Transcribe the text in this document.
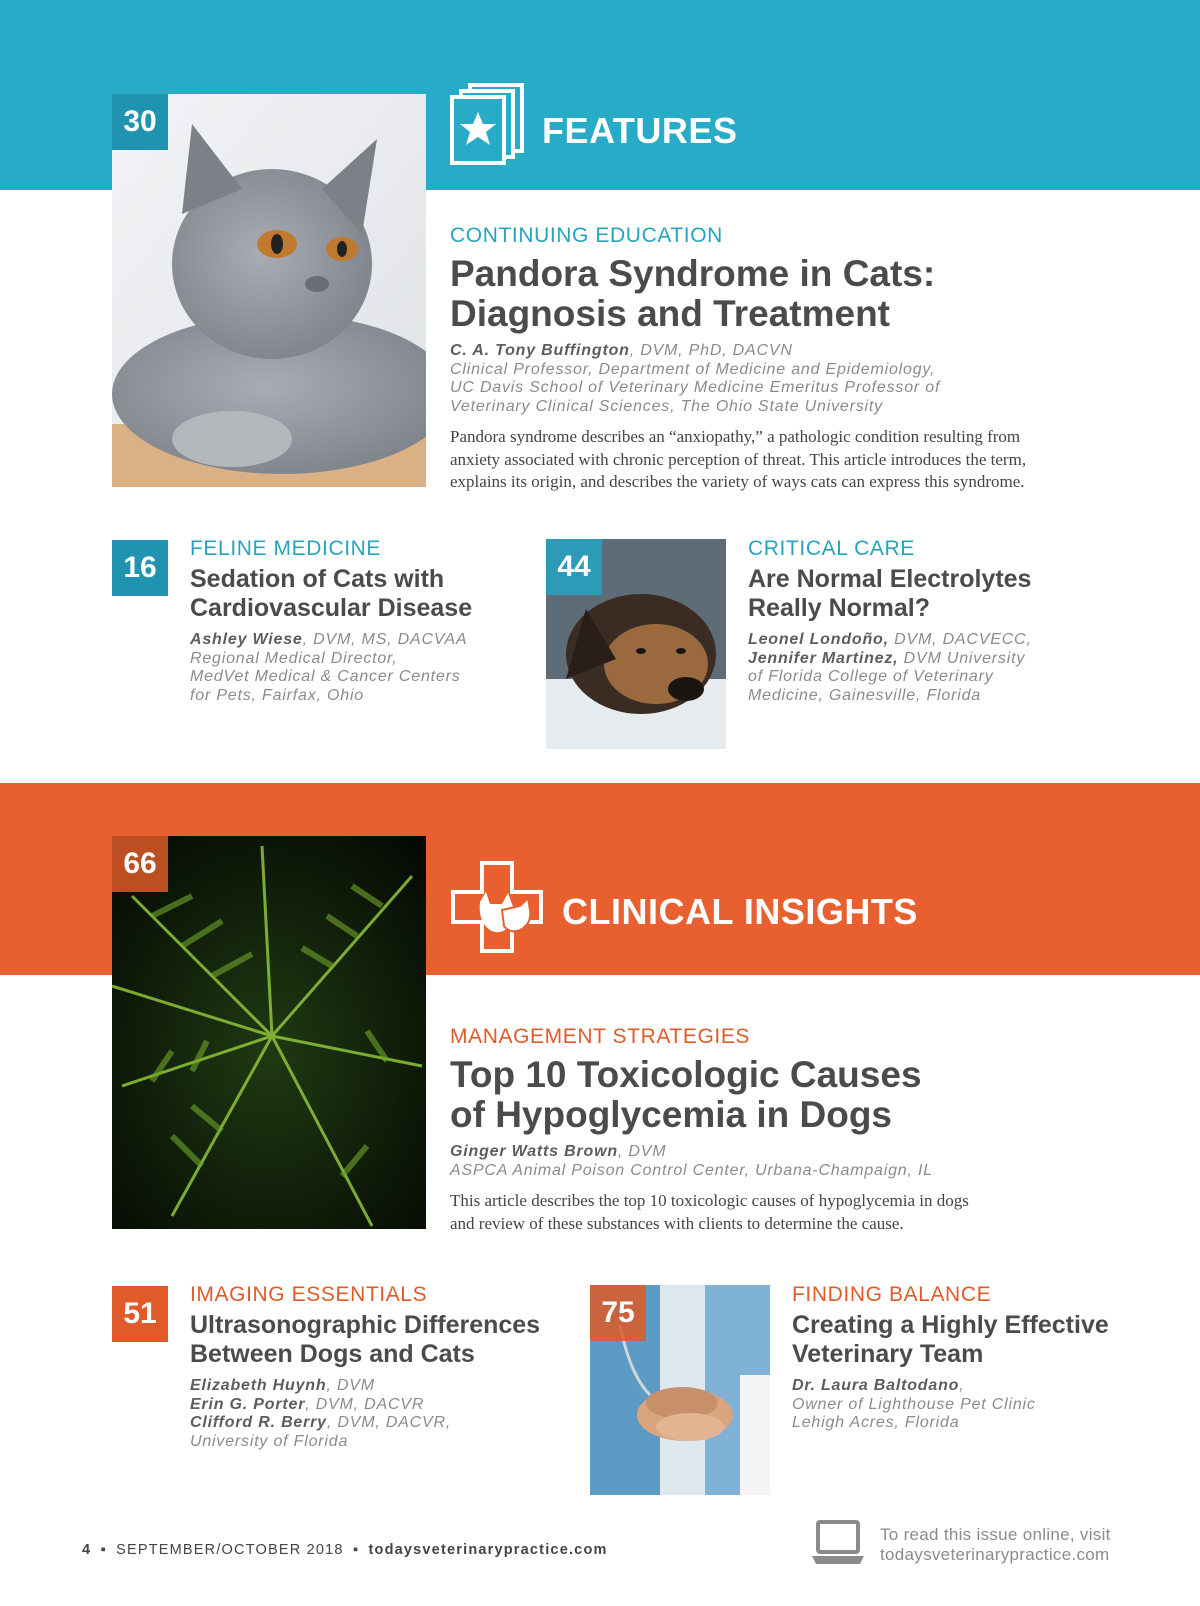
FEATURES
30
CONTINUING EDUCATION
Pandora Syndrome in Cats:
Diagnosis and Treatment
C. A. Tony Buffington, DVM, PhD, DACVN
Clinical Professor, Department of Medicine and Epidemiology,
UC Davis School of Veterinary Medicine Emeritus Professor of
Veterinary Clinical Sciences, The Ohio State University
Pandora syndrome describes an “anxiopathy,” a pathologic condition resulting from
anxiety associated with chronic perception of threat. This article introduces the term,
explains its origin, and describes the variety of ways cats can express this syndrome.
16
FELINE MEDICINE
Sedation of Cats with
Cardiovascular Disease
Ashley Wiese, DVM, MS, DACVAA
Regional Medical Director,
MedVet Medical & Cancer Centers
for Pets, Fairfax, Ohio
44
CRITICAL CARE
Are Normal Electrolytes
Really Normal?
Leonel Londoño, DVM, DACVECC,
Jennifer Martinez, DVM University
of Florida College of Veterinary
Medicine, Gainesville, Florida
CLINICAL INSIGHTS
66
MANAGEMENT STRATEGIES
Top 10 Toxicologic Causes
of Hypoglycemia in Dogs
Ginger Watts Brown, DVM
ASPCA Animal Poison Control Center, Urbana-Champaign, IL
This article describes the top 10 toxicologic causes of hypoglycemia in dogs
and review of these substances with clients to determine the cause.
51
IMAGING ESSENTIALS
Ultrasonographic Differences
Between Dogs and Cats
Elizabeth Huynh, DVM
Erin G. Porter, DVM, DACVR
Clifford R. Berry, DVM, DACVR,
University of Florida
75
FINDING BALANCE
Creating a Highly Effective
Veterinary Team
Dr. Laura Baltodano,
Owner of Lighthouse Pet Clinic
Lehigh Acres, Florida
4 ▪ SEPTEMBER/OCTOBER 2018 ▪ todaysveterinarypractice.com
To read this issue online, visit
todaysveterinarypractice.com
